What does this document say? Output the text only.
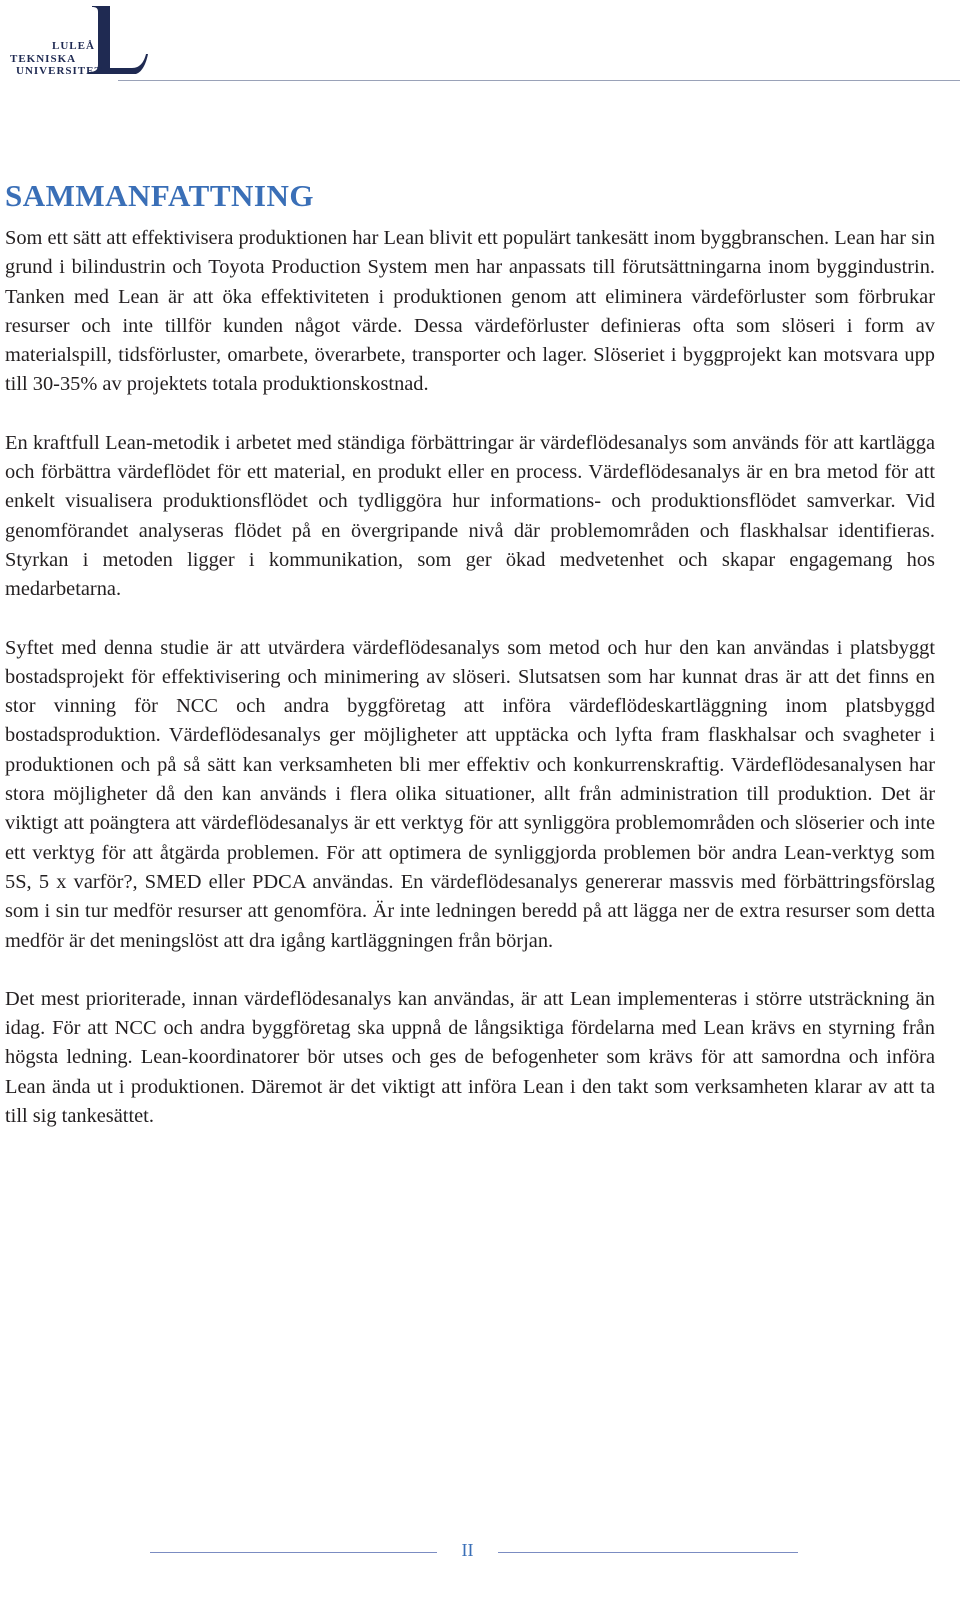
LULEÅ
TEKNISKA
UNIVERSITET
SAMMANFATTNING

Som ett sätt att effektivisera produktionen har Lean blivit ett populärt tankesätt inom byggbranschen. Lean har sin grund i bilindustrin och Toyota Production System men har anpassats till förutsättningarna inom byggindustrin. Tanken med Lean är att öka effektiviteten i produktionen genom att eliminera värdeförluster som förbrukar resurser och inte tillför kunden något värde. Dessa värdeförluster definieras ofta som slöseri i form av materialspill, tidsförluster, omarbete, överarbete, transporter och lager. Slöseriet i byggprojekt kan motsvara upp till 30-35% av projektets totala produktionskostnad.

En kraftfull Lean-metodik i arbetet med ständiga förbättringar är värdeflödesanalys som används för att kartlägga och förbättra värdeflödet för ett material, en produkt eller en process. Värdeflödesanalys är en bra metod för att enkelt visualisera produktionsflödet och tydliggöra hur informations- och produktionsflödet samverkar. Vid genomförandet analyseras flödet på en övergripande nivå där problemområden och flaskhalsar identifieras. Styrkan i metoden ligger i kommunikation, som ger ökad medvetenhet och skapar engagemang hos medarbetarna.

Syftet med denna studie är att utvärdera värdeflödesanalys som metod och hur den kan användas i platsbyggt bostadsprojekt för effektivisering och minimering av slöseri. Slutsatsen som har kunnat dras är att det finns en stor vinning för NCC och andra byggföretag att införa värdeflödeskartläggning inom platsbyggd bostadsproduktion. Värdeflödesanalys ger möjligheter att upptäcka och lyfta fram flaskhalsar och svagheter i produktionen och på så sätt kan verksamheten bli mer effektiv och konkurrenskraftig. Värdeflödesanalysen har stora möjligheter då den kan används i flera olika situationer, allt från administration till produktion. Det är viktigt att poängtera att värdeflödesanalys är ett verktyg för att synliggöra problemområden och slöserier och inte ett verktyg för att åtgärda problemen. För att optimera de synliggjorda problemen bör andra Lean-verktyg som 5S, 5 x varför?, SMED eller PDCA användas. En värdeflödesanalys genererar massvis med förbättringsförslag som i sin tur medför resurser att genomföra. Är inte ledningen beredd på att lägga ner de extra resurser som detta medför är det meningslöst att dra igång kartläggningen från början.

Det mest prioriterade, innan värdeflödesanalys kan användas, är att Lean implementeras i större utsträckning än idag. För att NCC och andra byggföretag ska uppnå de långsiktiga fördelarna med Lean krävs en styrning från högsta ledning. Lean-koordinatorer bör utses och ges de befogenheter som krävs för att samordna och införa Lean ända ut i produktionen. Däremot är det viktigt att införa Lean i den takt som verksamheten klarar av att ta till sig tankesättet.

II
